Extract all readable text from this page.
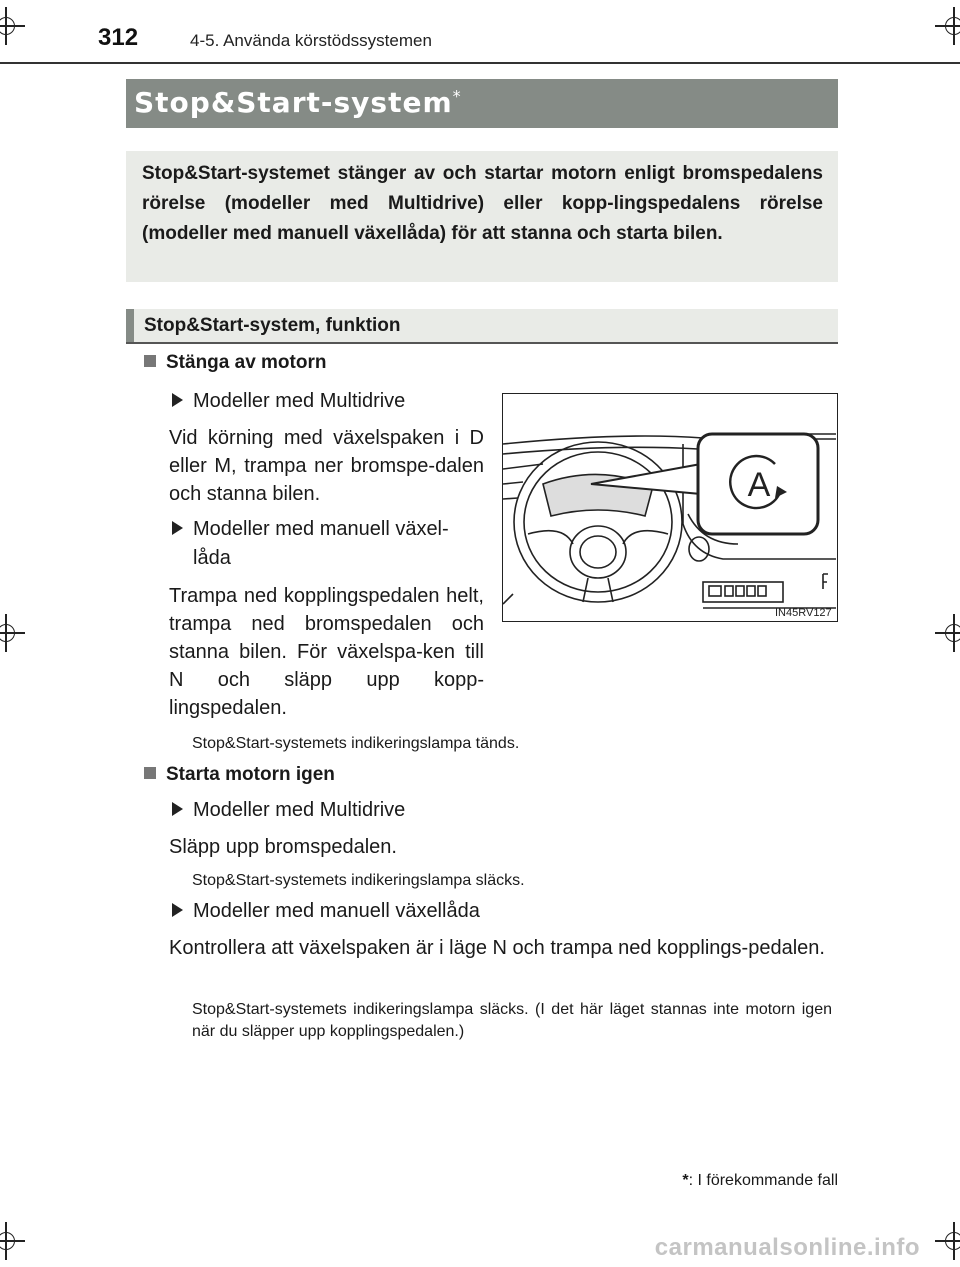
312	4-5. Använda körstödssystemen
Stop&Start-system*

Stop&Start-systemet stänger av och startar motorn enligt bromspedalens rörelse (modeller med Multidrive) eller kopp-lingspedalens rörelse (modeller med manuell växellåda) för att stanna och starta bilen.

Stop&Start-system, funktion
Stänga av motorn
Modeller med Multidrive

Vid körning med växelspaken i D eller M, trampa ner bromspe-dalen och stanna bilen.

Modeller med manuell växel-
låda

Trampa ned kopplingspedalen helt, trampa ned bromspedalen och stanna bilen. För växelspa-ken till N och släpp upp kopp-lingspedalen.

Stop&Start-systemets indikeringslampa tänds.

A
IN45RV127
Starta motorn igen
Modeller med Multidrive

Släpp upp bromspedalen.

Stop&Start-systemets indikeringslampa släcks.

Modeller med manuell växellåda

Kontrollera att växelspaken är i läge N och trampa ned kopplings-pedalen.

Stop&Start-systemets indikeringslampa släcks. (I det här läget stannas inte motorn igen när du släpper upp kopplingspedalen.)

*: I förekommande fall
carmanualsonline.info
